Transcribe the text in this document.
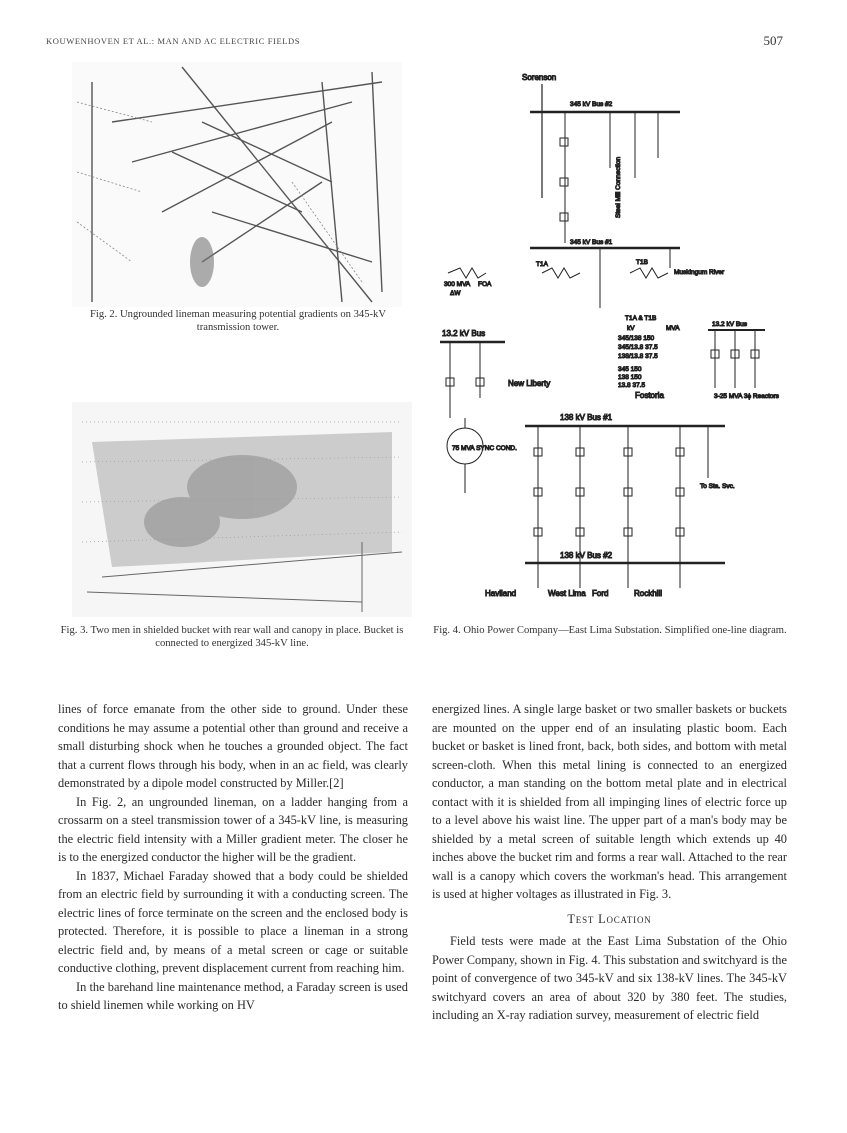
KOUWENHOVEN ET AL.: MAN AND AC ELECTRIC FIELDS	507
Fig. 2. Ungrounded lineman measuring potential gradients on 345-kV transmission tower.
Fig. 3. Two men in shielded bucket with rear wall and canopy in place. Bucket is connected to energized 345-kV line.
Sorenson
345 kV Bus #2
Steel Mill Connection
345 kV Bus #1
T1A	T1B
Muskingum River
300 MVA
ΔW
FOA
13.2 kV Bus
New Liberty
T1A & T1B
kV	MVA
345/138 150
345/13.8 37.5
138/13.8 37.5
345 150
138 150
13.8 37.5
Fostoria
13.2 kV Bus
3-25 MVA 3ϕ Reactors
138 kV Bus #1
75 MVA SYNC COND.
To Sta. Svc.
138 kV Bus #2
Haviland	West Lima Ford	Rockhill
Fig. 4. Ohio Power Company—East Lima Substation. Simplified one-line diagram.

lines of force emanate from the other side to ground. Under these conditions he may assume a potential other than ground and receive a small disturbing shock when he touches a grounded object. The fact that a current flows through his body, when in an ac field, was clearly demonstrated by a dipole model constructed by Miller.[2]

In Fig. 2, an ungrounded lineman, on a ladder hanging from a crossarm on a steel transmission tower of a 345-kV line, is measuring the electric field intensity with a Miller gradient meter. The closer he is to the energized conductor the higher will be the gradient.

In 1837, Michael Faraday showed that a body could be shielded from an electric field by surrounding it with a conducting screen. The electric lines of force terminate on the screen and the enclosed body is protected. Therefore, it is possible to place a lineman in a strong electric field and, by means of a metal screen or cage or suitable conductive clothing, prevent displacement current from reaching him.

In the barehand line maintenance method, a Faraday screen is used to shield linemen while working on HV

energized lines. A single large basket or two smaller baskets or buckets are mounted on the upper end of an insulating plastic boom. Each bucket or basket is lined front, back, both sides, and bottom with metal screen-cloth. When this metal lining is connected to an energized conductor, a man standing on the bottom metal plate and in electrical contact with it is shielded from all impinging lines of electric force up to a level above his waist line. The upper part of a man's body may be shielded by a metal screen of suitable length which extends up 40 inches above the bucket rim and forms a rear wall. Attached to the rear wall is a canopy which covers the workman's head. This arrangement is used at higher voltages as illustrated in Fig. 3.

Test Location

Field tests were made at the East Lima Substation of the Ohio Power Company, shown in Fig. 4. This substation and switchyard is the point of convergence of two 345-kV and six 138-kV lines. The 345-kV switchyard covers an area of about 320 by 380 feet. The studies, including an X-ray radiation survey, measurement of electric field
